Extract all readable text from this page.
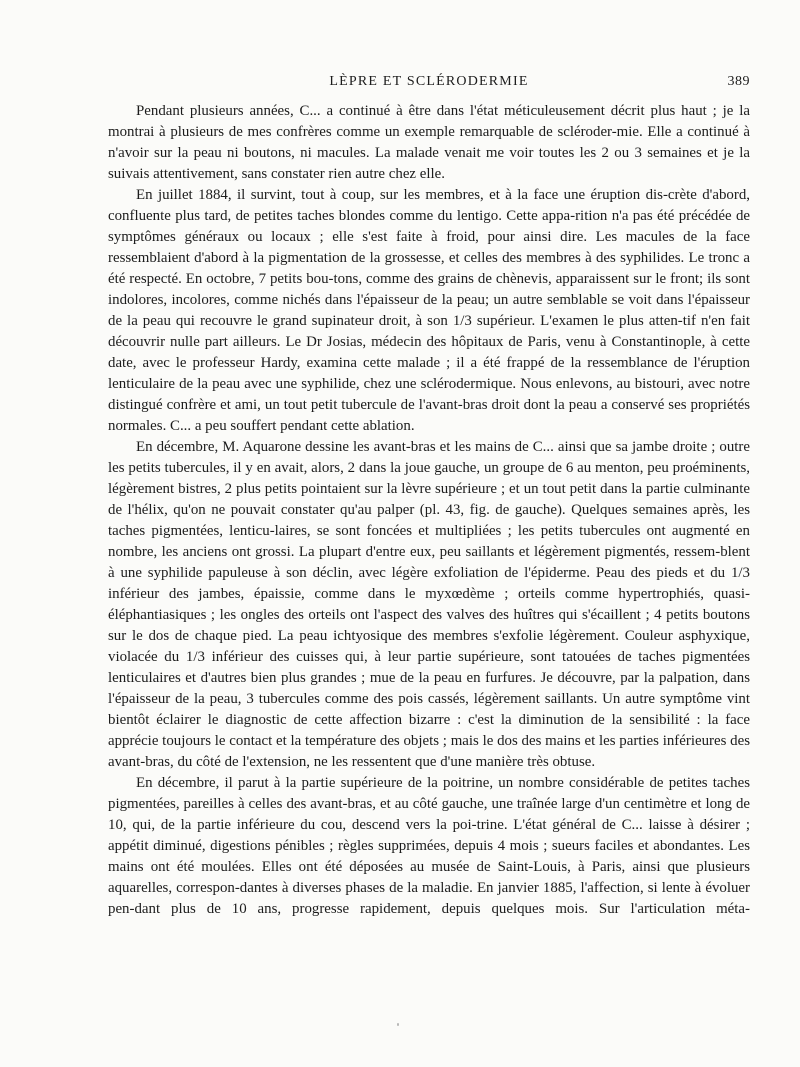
LÈPRE ET SCLÉRODERMIE	389

Pendant plusieurs années, C... a continué à être dans l'état méticuleusement décrit plus haut ; je la montrai à plusieurs de mes confrères comme un exemple remarquable de scléroder-mie. Elle a continué à n'avoir sur la peau ni boutons, ni macules. La malade venait me voir toutes les 2 ou 3 semaines et je la suivais attentivement, sans constater rien autre chez elle.

En juillet 1884, il survint, tout à coup, sur les membres, et à la face une éruption dis-crète d'abord, confluente plus tard, de petites taches blondes comme du lentigo. Cette appa-rition n'a pas été précédée de symptômes généraux ou locaux ; elle s'est faite à froid, pour ainsi dire. Les macules de la face ressemblaient d'abord à la pigmentation de la grossesse, et celles des membres à des syphilides. Le tronc a été respecté. En octobre, 7 petits bou-tons, comme des grains de chènevis, apparaissent sur le front; ils sont indolores, incolores, comme nichés dans l'épaisseur de la peau; un autre semblable se voit dans l'épaisseur de la peau qui recouvre le grand supinateur droit, à son 1/3 supérieur. L'examen le plus atten-tif n'en fait découvrir nulle part ailleurs. Le Dr Josias, médecin des hôpitaux de Paris, venu à Constantinople, à cette date, avec le professeur Hardy, examina cette malade ; il a été frappé de la ressemblance de l'éruption lenticulaire de la peau avec une syphilide, chez une sclérodermique. Nous enlevons, au bistouri, avec notre distingué confrère et ami, un tout petit tubercule de l'avant-bras droit dont la peau a conservé ses propriétés normales. C... a peu souffert pendant cette ablation.

En décembre, M. Aquarone dessine les avant-bras et les mains de C... ainsi que sa jambe droite ; outre les petits tubercules, il y en avait, alors, 2 dans la joue gauche, un groupe de 6 au menton, peu proéminents, légèrement bistres, 2 plus petits pointaient sur la lèvre supérieure ; et un tout petit dans la partie culminante de l'hélix, qu'on ne pouvait constater qu'au palper (pl. 43, fig. de gauche). Quelques semaines après, les taches pigmentées, lenticu-laires, se sont foncées et multipliées ; les petits tubercules ont augmenté en nombre, les anciens ont grossi. La plupart d'entre eux, peu saillants et légèrement pigmentés, ressem-blent à une syphilide papuleuse à son déclin, avec légère exfoliation de l'épiderme. Peau des pieds et du 1/3 inférieur des jambes, épaissie, comme dans le myxœdème ; orteils comme hypertrophiés, quasi-éléphantiasiques ; les ongles des orteils ont l'aspect des valves des huîtres qui s'écaillent ; 4 petits boutons sur le dos de chaque pied. La peau ichtyosique des membres s'exfolie légèrement. Couleur asphyxique, violacée du 1/3 inférieur des cuisses qui, à leur partie supérieure, sont tatouées de taches pigmentées lenticulaires et d'autres bien plus grandes ; mue de la peau en furfures. Je découvre, par la palpation, dans l'épaisseur de la peau, 3 tubercules comme des pois cassés, légèrement saillants. Un autre symptôme vint bientôt éclairer le diagnostic de cette affection bizarre : c'est la diminution de la sensibilité : la face apprécie toujours le contact et la température des objets ; mais le dos des mains et les parties inférieures des avant-bras, du côté de l'extension, ne les ressentent que d'une manière très obtuse.

En décembre, il parut à la partie supérieure de la poitrine, un nombre considérable de petites taches pigmentées, pareilles à celles des avant-bras, et au côté gauche, une traînée large d'un centimètre et long de 10, qui, de la partie inférieure du cou, descend vers la poi-trine. L'état général de C... laisse à désirer ; appétit diminué, digestions pénibles ; règles supprimées, depuis 4 mois ; sueurs faciles et abondantes. Les mains ont été moulées. Elles ont été déposées au musée de Saint-Louis, à Paris, ainsi que plusieurs aquarelles, correspon-dantes à diverses phases de la maladie. En janvier 1885, l'affection, si lente à évoluer pen-dant plus de 10 ans, progresse rapidement, depuis quelques mois. Sur l'articulation méta-
